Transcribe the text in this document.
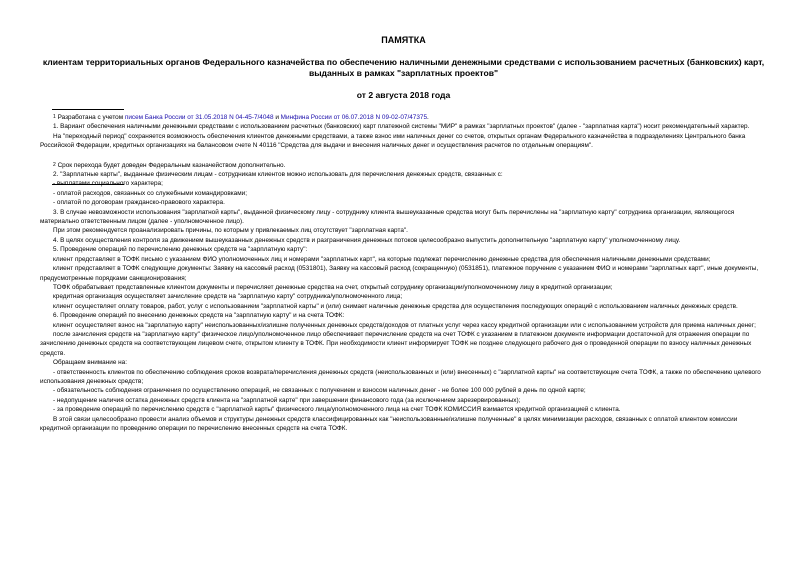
ПАМЯТКА
клиентам территориальных органов Федерального казначейства по обеспечению наличными денежными средствами с использованием расчетных (банковских) карт, выданных в рамках "зарплатных проектов"
от 2 августа 2018 года

$^1$ Разработана с учетом писем Банка России от 31.05.2018 N 04-45-7/4048 и Минфина России от 06.07.2018 N 09-02-07/47375.

1. Вариант обеспечения наличными денежными средствами с использованием расчетных (банковских) карт платежной системы "МИР" в рамках "зарплатных проектов" (далее - "зарплатная карта") носит рекомендательный характер.

На "переходный период" сохраняется возможность обеспечения клиентов денежными средствами, а также взнос ими наличных денег со счетов, открытых органам Федерального казначейства в подразделениях Центрального банка Российской Федерации, кредитных организациях на балансовом счете N 40116 "Средства для выдачи и внесения наличных денег и осуществления расчетов по отдельным операциям".

$^2$ Срок перехода будет доведен Федеральным казначейством дополнительно.

2. "Зарплатные карты", выданные физическим лицам - сотрудникам клиентов можно использовать для перечисления денежных средств, связанных с:

- выплатами социального характера;

- оплатой расходов, связанных со служебными командировками;

- оплатой по договорам гражданско-правового характера.

3. В случае невозможности использования "зарплатной карты", выданной физическому лицу - сотруднику клиента вышеуказанные средства могут быть перечислены на "зарплатную карту" сотрудника организации, являющегося материально ответственным лицом (далее - уполномоченное лицо).

При этом рекомендуется проанализировать причины, по которым у привлекаемых лиц отсутствует "зарплатная карта".

4. В целях осуществления контроля за движением вышеуказанных денежных средств и разграничения денежных потоков целесообразно выпустить дополнительную "зарплатную карту" уполномоченному лицу.

5. Проведение операций по перечислению денежных средств на "зарплатную карту":

клиент представляет в ТОФК письмо с указанием ФИО уполномоченных лиц и номерами "зарплатных карт", на которые подлежат перечислению денежные средства для обеспечения наличными денежными средствами;

клиент представляет в ТОФК следующие документы: Заявку на кассовый расход (0531801), Заявку на кассовый расход (сокращенную) (0531851), платежное поручение с указанием ФИО и номерами "зарплатных карт", иные документы, предусмотренные порядками санкционирования;

ТОФК обрабатывает представленные клиентом документы и перечисляет денежные средства на счет, открытый сотруднику организации/уполномоченному лицу в кредитной организации;

кредитная организация осуществляет зачисление средств на "зарплатную карту" сотрудника/уполномоченного лица;

клиент осуществляет оплату товаров, работ, услуг с использованием "зарплатной карты" и (или) снимает наличные денежные средства для осуществления последующих операций с использованием наличных денежных средств.

6. Проведение операций по внесению денежных средств на "зарплатную карту" и на счета ТОФК:

клиент осуществляет взнос на "зарплатную карту" неиспользованных/излишне полученных денежных средств/доходов от платных услуг через кассу кредитной организации или с использованием устройств для приема наличных денег;

после зачисления средств на "зарплатную карту" физическое лицо/уполномоченное лицо обеспечивает перечисление средств на счет ТОФК с указанием в платежном документе информации достаточной для отражения операции по зачислению денежных средств на соответствующем лицевом счете, открытом клиенту в ТОФК. При необходимости клиент информирует ТОФК не позднее следующего рабочего дня о проведенной операции по взносу наличных денежных средств.

Обращаем внимание на:

- ответственность клиентов по обеспечению соблюдения сроков возврата/перечисления денежных средств (неиспользованных и (или) внесенных) с "зарплатной карты" на соответствующие счета ТОФК, а также по обеспечению целевого использования денежных средств;

- обязательность соблюдения ограничения по осуществлению операций, не связанных с получением и взносом наличных денег - не более 100 000 рублей в день по одной карте;

- недопущение наличия остатка денежных средств клиента на "зарплатной карте" при завершении финансового года (за исключением зарезервированных);

- за проведение операций по перечислению средств с "зарплатной карты" физического лица/уполномоченного лица на счет ТОФК КОМИССИЯ взимается кредитной организацией с клиента.

В этой связи целесообразно провести анализ объемов и структуры денежных средств классифицированных как "неиспользованные/излишне полученные" в целях минимизации расходов, связанных с оплатой клиентом комиссии кредитной организации по проведению операции по перечислению внесенных средств на счета ТОФК.
